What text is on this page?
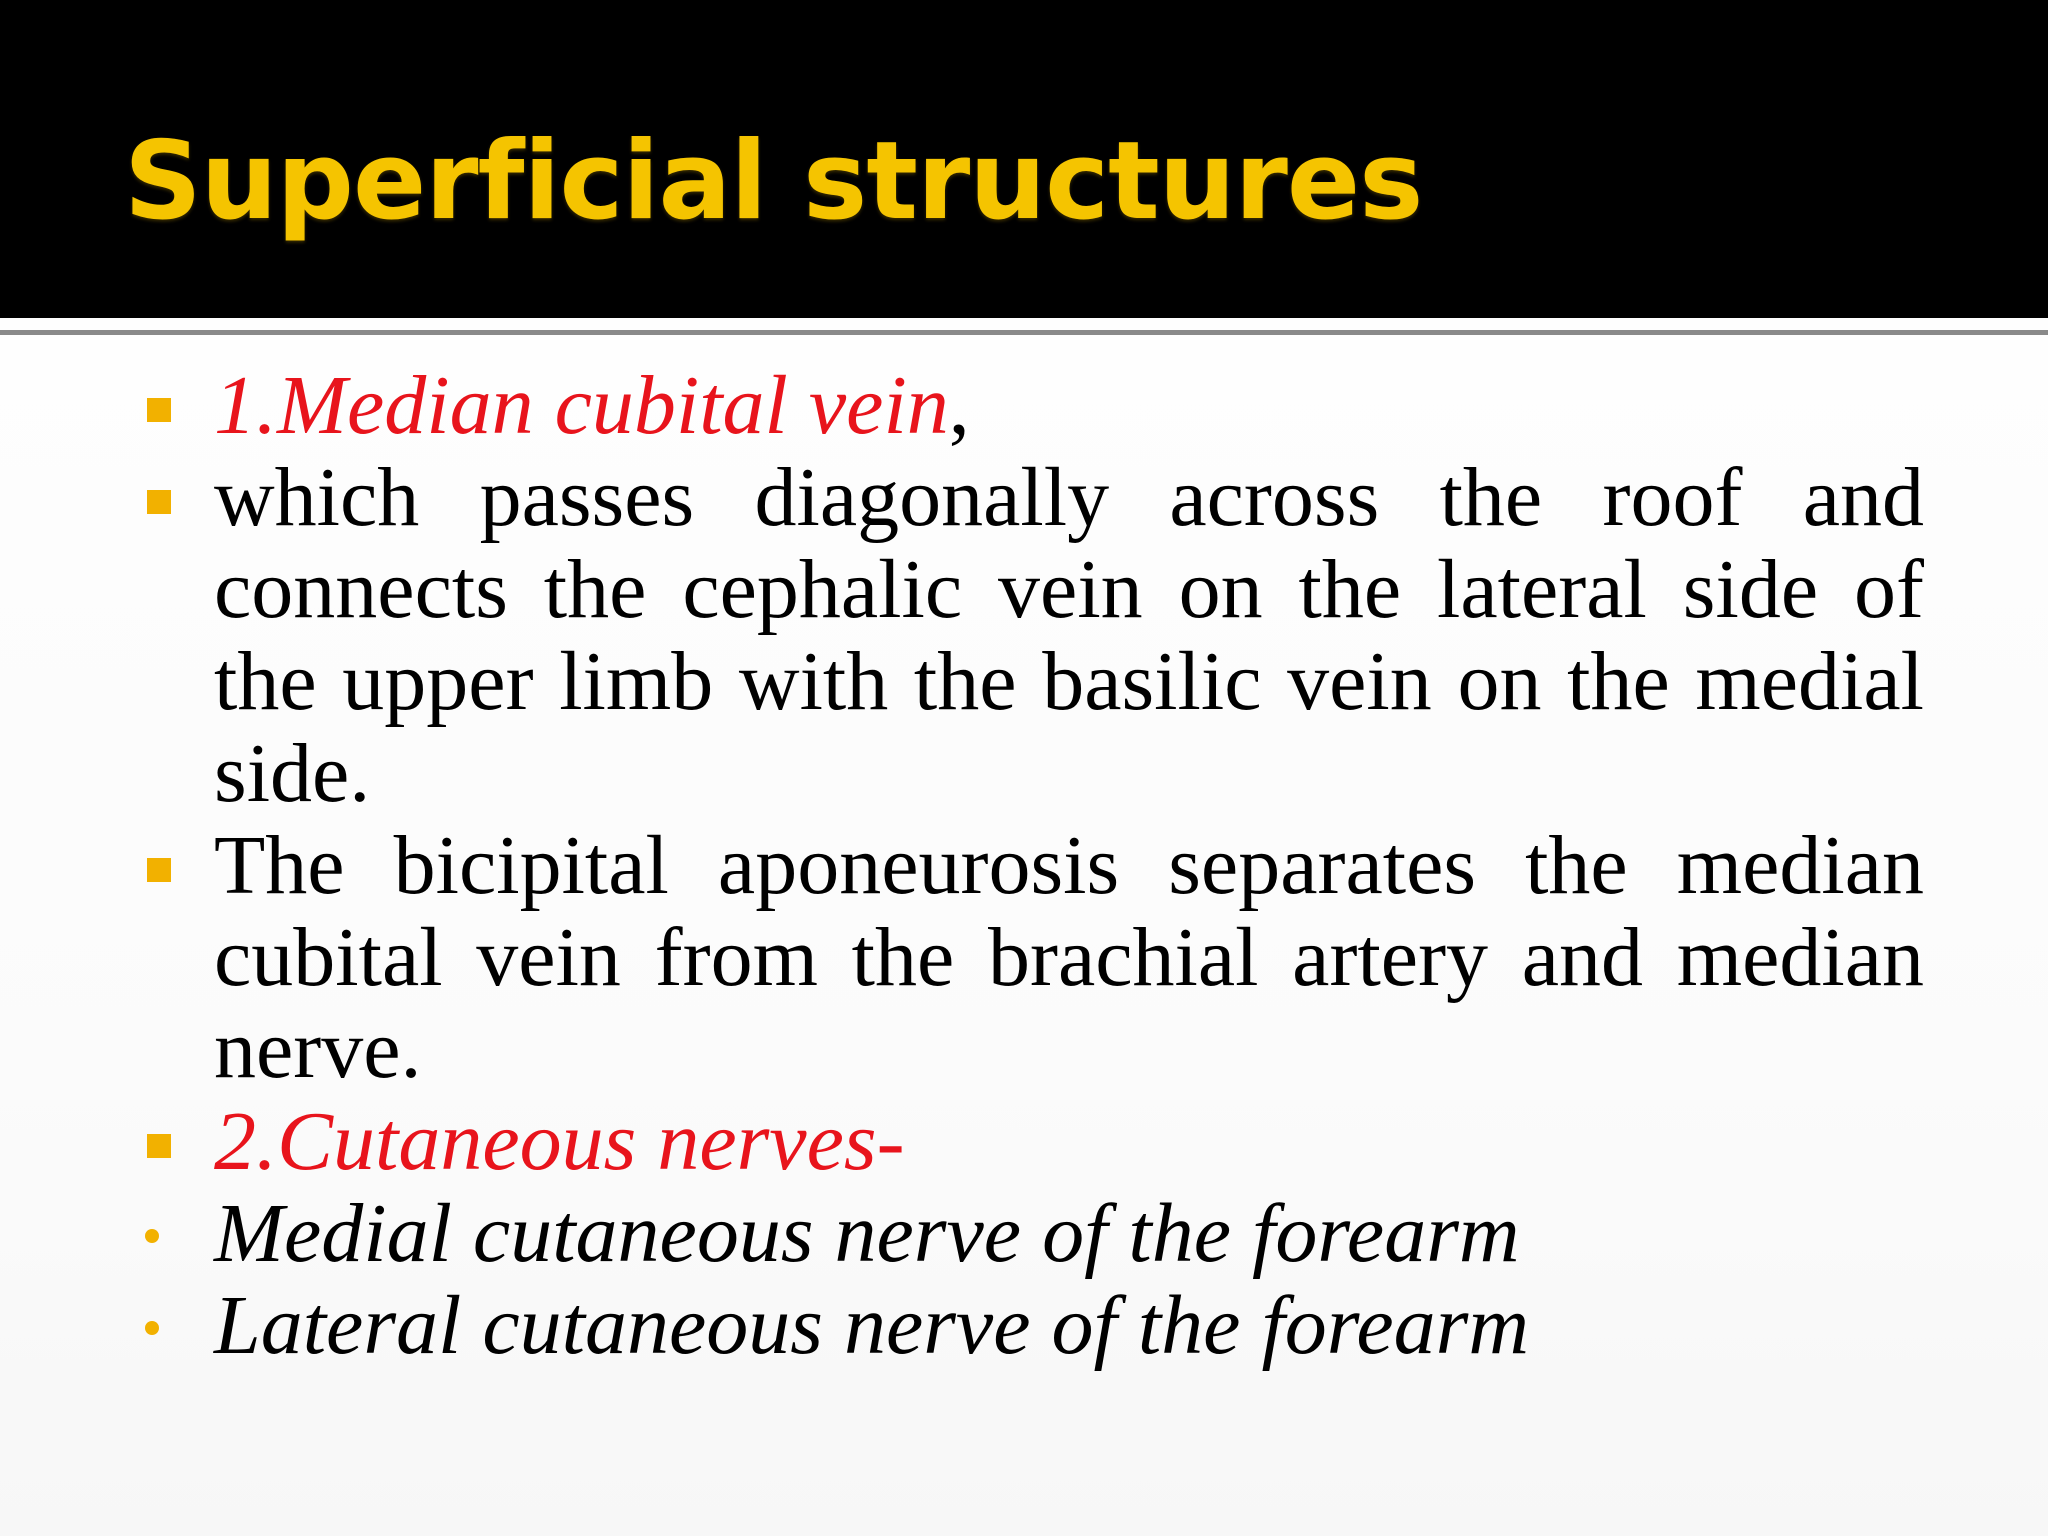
Superficial structures
1.Median cubital vein,
which passes diagonally across the roof and connects the cephalic vein on the lateral side of the upper limb with the basilic vein on the medial side.
The bicipital aponeurosis separates the median cubital vein from the brachial artery and median nerve.
2.Cutaneous nerves-
Medial cutaneous nerve of the forearm
Lateral cutaneous nerve of the forearm
